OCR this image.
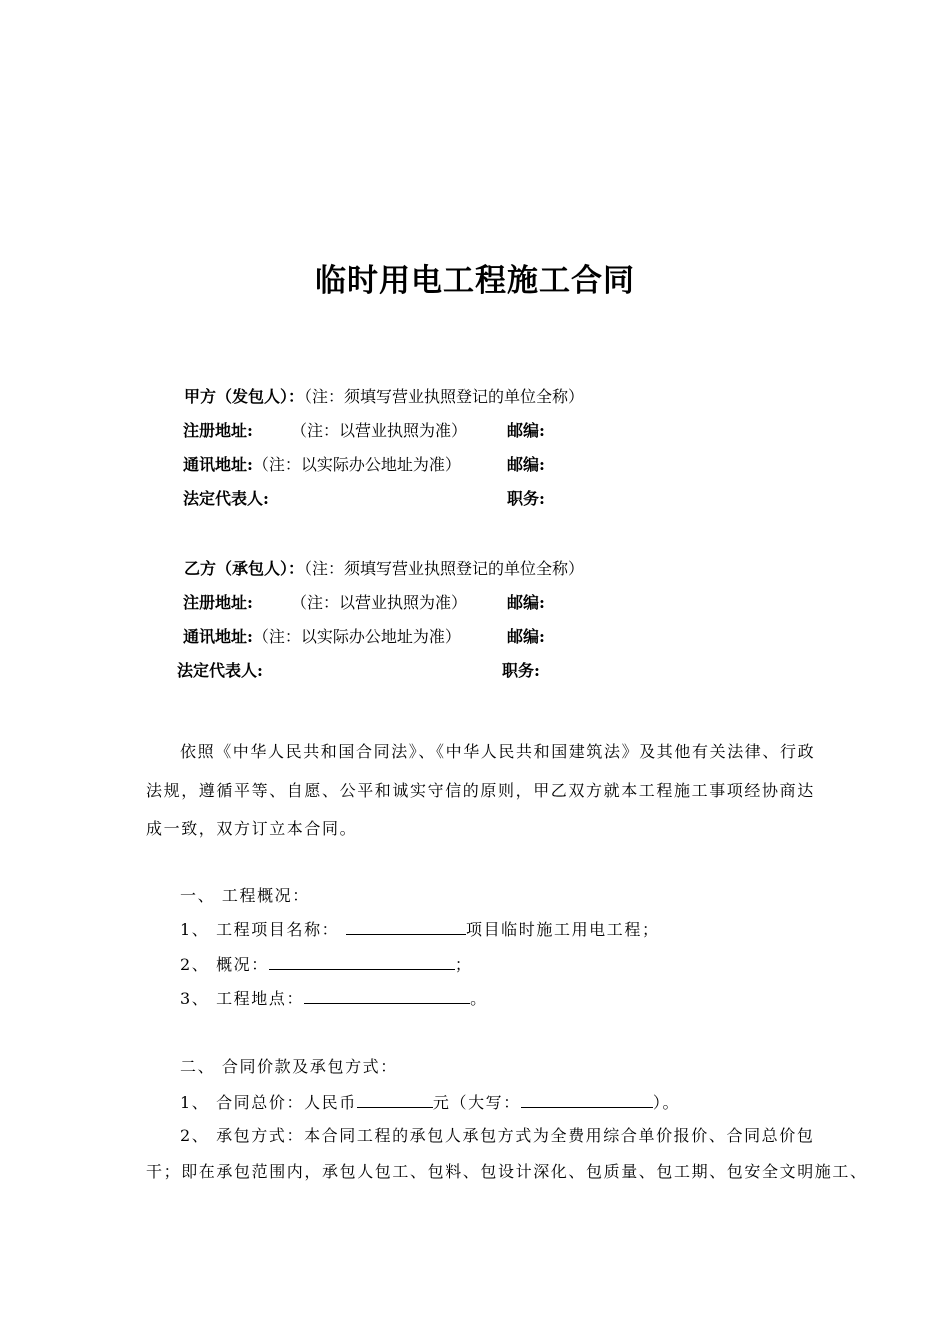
临时用电工程施工合同
甲方（发包人）：（注：须填写营业执照登记的单位全称）
注册地址: （注：以营业执照为准） 邮编:
通讯地址:（注：以实际办公地址为准）	邮编:
法定代表人:	职务:
乙方（承包人）：（注：须填写营业执照登记的单位全称）
注册地址: （注：以营业执照为准） 邮编:
通讯地址:（注：以实际办公地址为准）	邮编:
法定代表人:	职务:
依照《中华人民共和国合同法》、《中华人民共和国建筑法》及其他有关法律、行政
法规，遵循平等、自愿、公平和诚实守信的原则，甲乙双方就本工程施工事项经协商达
成一致，双方订立本合同。
一、 工程概况：
1、 工程项目名称：	项目临时施工用电工程；
2、 概况：	；
3、 工程地点：	。
二、 合同价款及承包方式：
1、 合同总价：人民币	元（大写：	）。
2、 承包方式：本合同工程的承包人承包方式为全费用综合单价报价、合同总价包
干；即在承包范围内，承包人包工、包料、包设计深化、包质量、包工期、包安全文明施工、
